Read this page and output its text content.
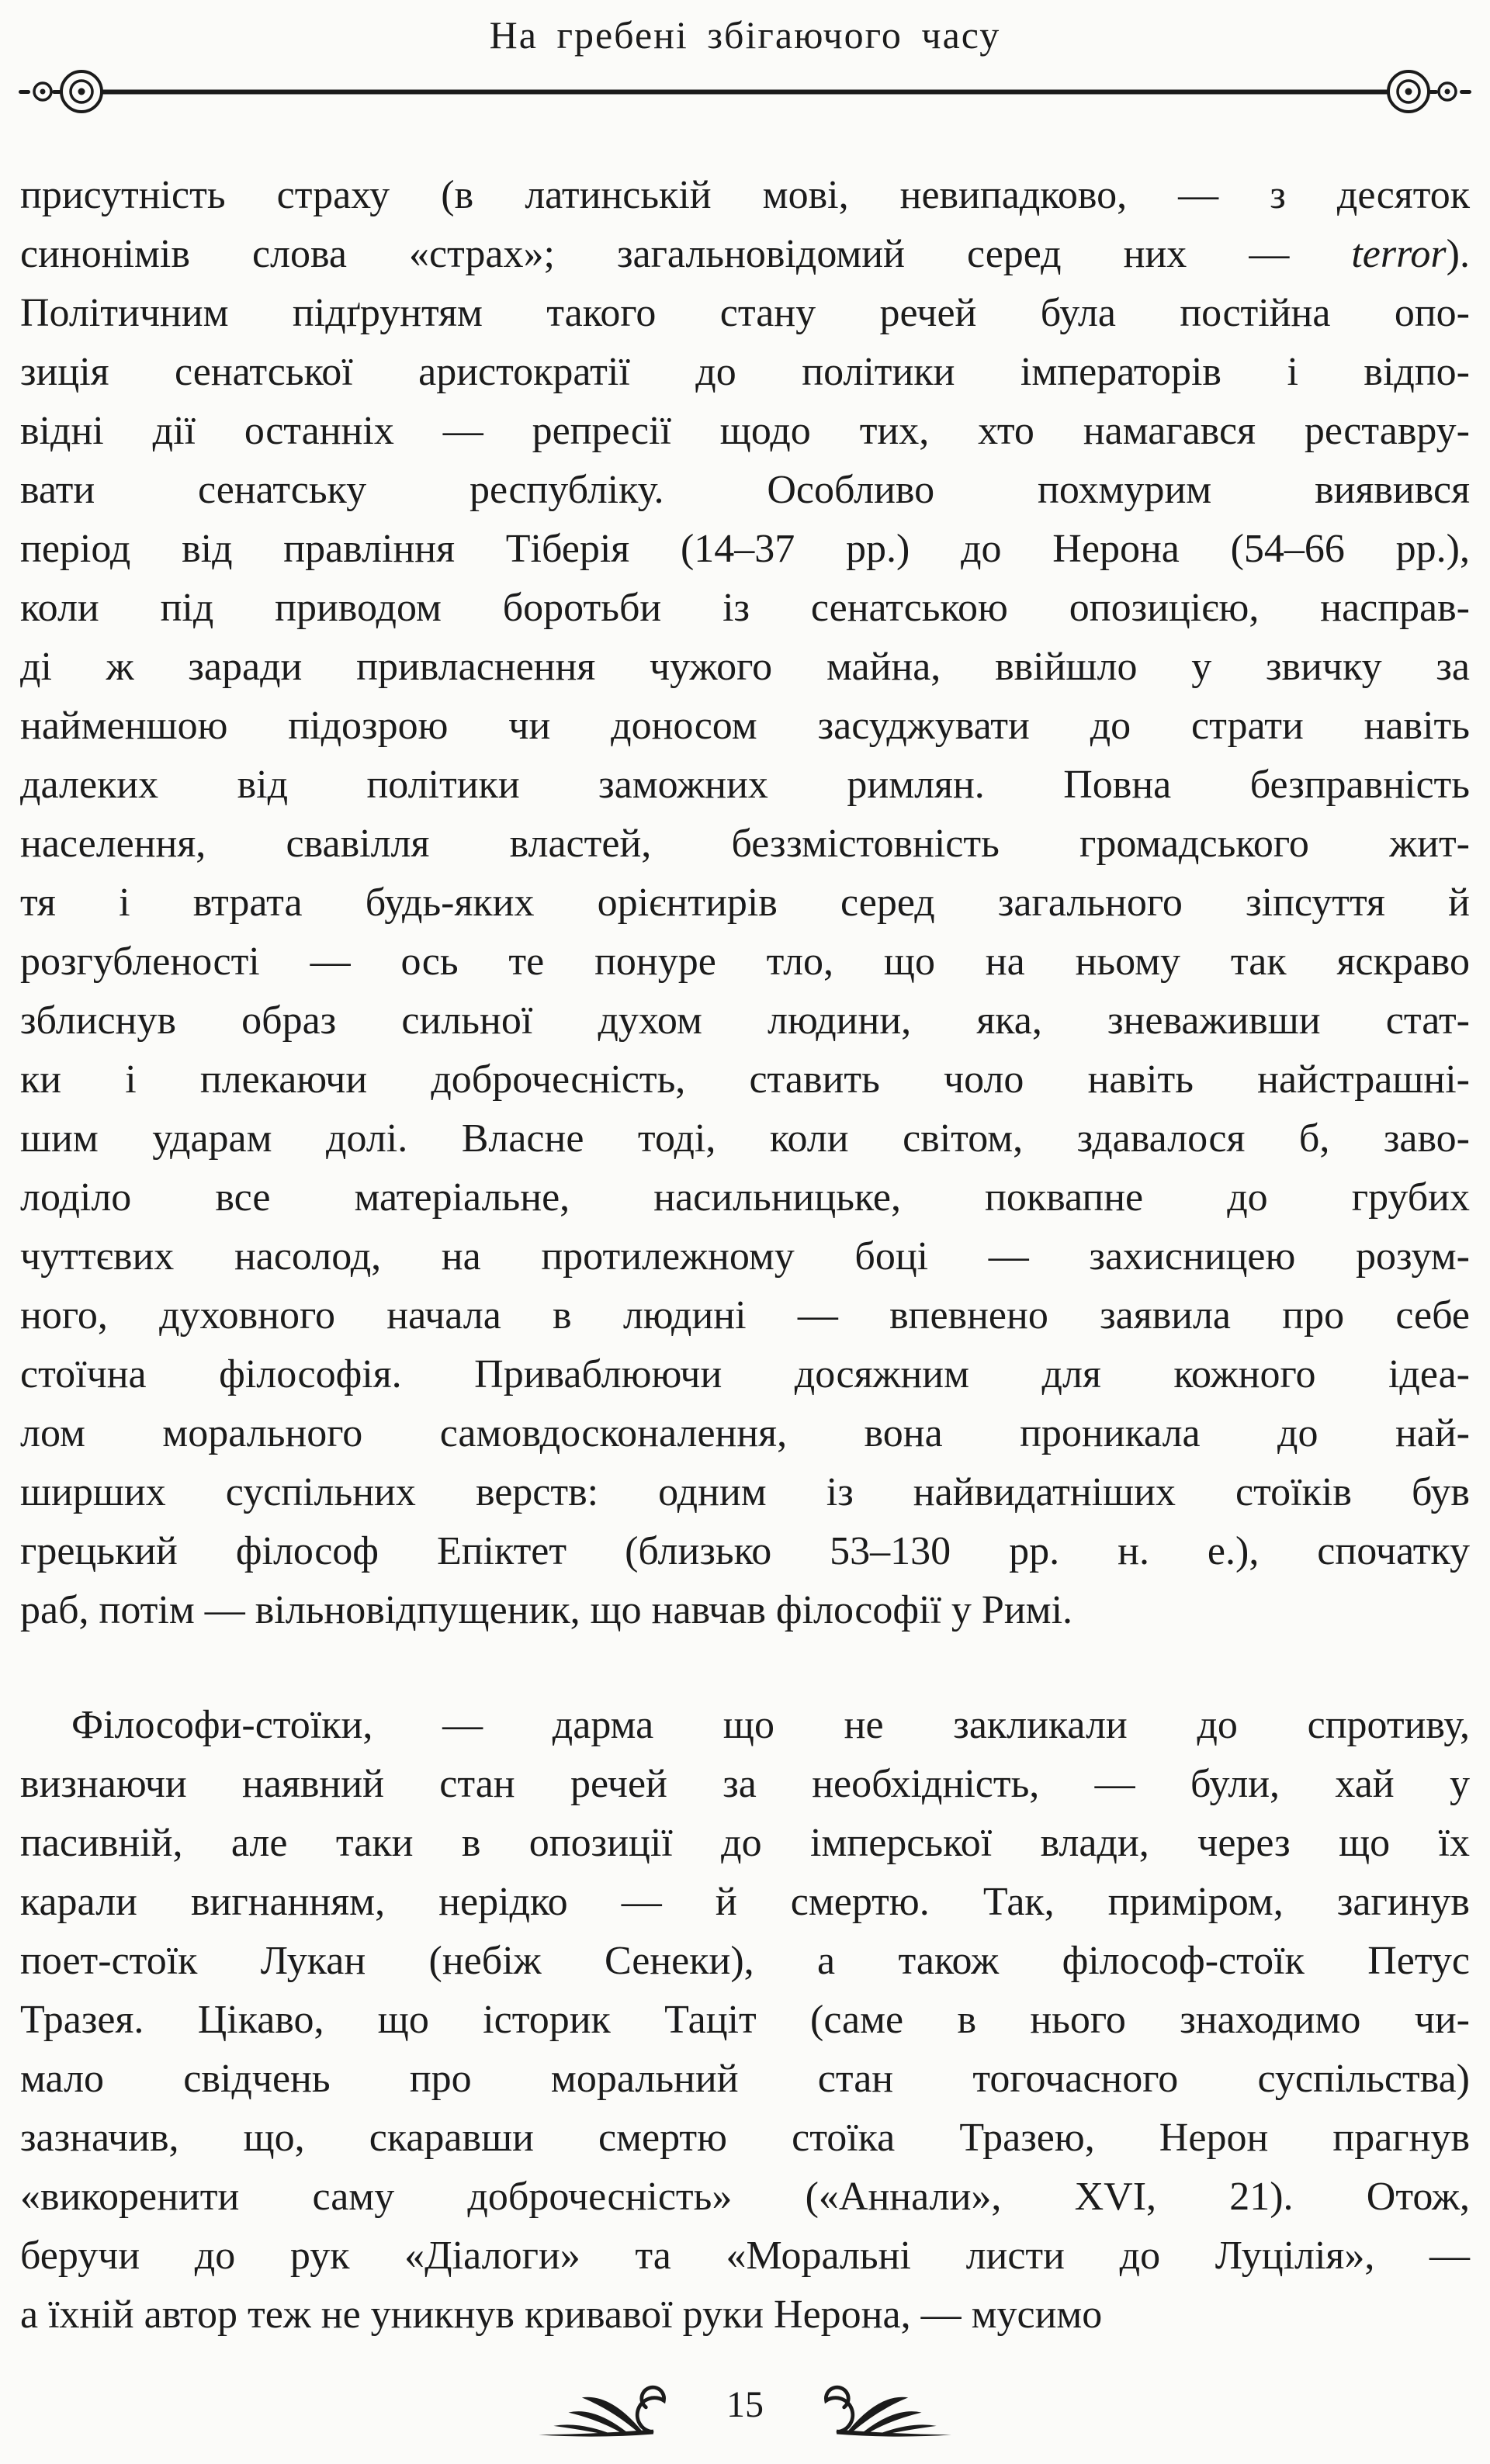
На гребені збігаючого часу
присутність страху (в латинській мові, невипадково, — з десяток
синонімів слова «страх»; загальновідомий серед них — terror).
Політичним підґрунтям такого стану речей була постійна опо-
зиція сенатської аристократії до політики імператорів і відпо-
відні дії останніх — репресії щодо тих, хто намагався реставру-
вати сенатську республіку. Особливо похмурим виявився
період від правління Тіберія (14–37 рр.) до Нерона (54–66 рр.),
коли під приводом боротьби із сенатською опозицією, насправ-
ді ж заради привласнення чужого майна, ввійшло у звичку за
найменшою підозрою чи доносом засуджувати до страти навіть
далеких від політики заможних римлян. Повна безправність
населення, свавілля властей, беззмістовність громадського жит-
тя і втрата будь-яких орієнтирів серед загального зіпсуття й
розгубленості — ось те понуре тло, що на ньому так яскраво
зблиснув образ сильної духом людини, яка, зневаживши стат-
ки і плекаючи доброчесність, ставить чоло навіть найстрашні-
шим ударам долі. Власне тоді, коли світом, здавалося б, заво-
лоділо все матеріальне, насильницьке, поквапне до грубих
чуттєвих насолод, на протилежному боці — захисницею розум-
ного, духовного начала в людині — впевнено заявила про себе
стоїчна філософія. Приваблюючи досяжним для кожного ідеа-
лом морального самовдосконалення, вона проникала до най-
ширших суспільних верств: одним із найвидатніших стоїків був
грецький філософ Епіктет (близько 53–130 рр. н. е.), спочатку
раб, потім — вільновідпущеник, що навчав філософії у Римі.
Філософи-стоїки, — дарма що не закликали до спротиву,
визнаючи наявний стан речей за необхідність, — були, хай у
пасивній, але таки в опозиції до імперської влади, через що їх
карали вигнанням, нерідко — й смертю. Так, приміром, загинув
поет-стоїк Лукан (небіж Сенеки), а також філософ-стоїк Петус
Тразея. Цікаво, що історик Таціт (саме в нього знаходимо чи-
мало свідчень про моральний стан тогочасного суспільства)
зазначив, що, скаравши смертю стоїка Тразею, Нерон прагнув
«викоренити саму доброчесність» («Аннали», XVI, 21). Отож,
беручи до рук «Діалоги» та «Моральні листи до Луцілія», —
а їхній автор теж не уникнув кривавої руки Нерона, — мусимо
15
